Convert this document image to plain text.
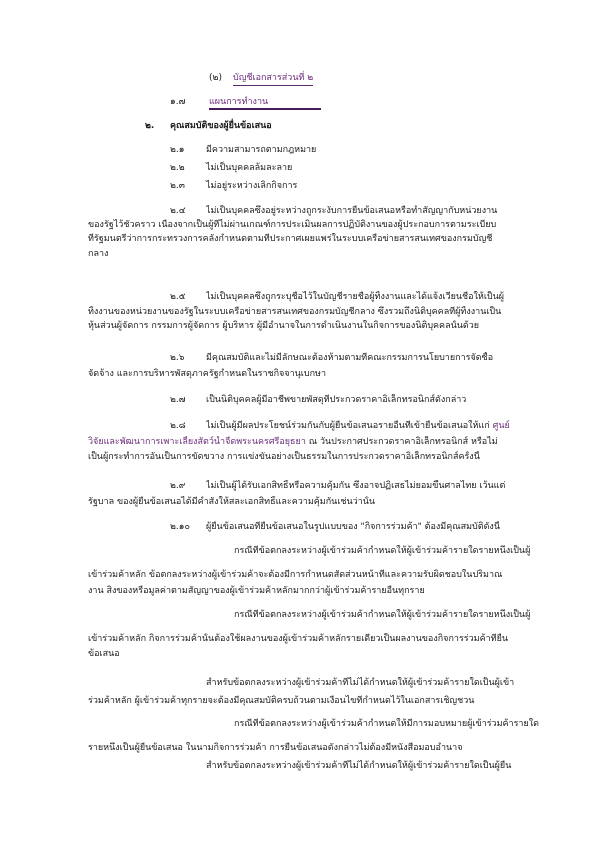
(๒) บัญชีเอกสารส่วนที่ ๒
๑.๗	แผนการทำงาน
๒. คุณสมบัติของผู้ยื่นข้อเสนอ
๒.๑ มีความสามารถตามกฎหมาย
๒.๒ ไม่เป็นบุคคลล้มละลาย
๒.๓ ไม่อยู่ระหว่างเลิกกิจการ
๒.๔ ไม่เป็นบุคคลซึ่งอยู่ระหว่างถูกระงับการยื่นข้อเสนอหรือทำสัญญากับหน่วยงาน
ของรัฐไว้ชั่วคราว เนื่องจากเป็นผู้ที่ไม่ผ่านเกณฑ์การประเมินผลการปฏิบัติงานของผู้ประกอบการตามระเบียบ
ที่รัฐมนตรีว่าการกระทรวงการคลังกำหนดตามที่ประกาศเผยแพร่ในระบบเครือข่ายสารสนเทศของกรมบัญชี
กลาง
๒.๕ ไม่เป็นบุคคลซึ่งถูกระบุชื่อไว้ในบัญชีรายชื่อผู้ทิ้งงานและได้แจ้งเวียนชื่อให้เป็นผู้
ทิ้งงานของหน่วยงานของรัฐในระบบเครือข่ายสารสนเทศของกรมบัญชีกลาง ซึ่งรวมถึงนิติบุคคลที่ผู้ทิ้งงานเป็น
หุ้นส่วนผู้จัดการ กรรมการผู้จัดการ ผู้บริหาร ผู้มีอำนาจในการดำเนินงานในกิจการของนิติบุคคลนั้นด้วย
๒.๖ มีคุณสมบัติและไม่มีลักษณะต้องห้ามตามที่คณะกรรมการนโยบายการจัดซื้อ
จัดจ้าง และการบริหารพัสดุภาครัฐกำหนดในราชกิจจานุเบกษา
๒.๗ เป็นนิติบุคคลผู้มีอาชีพขายพัสดุที่ประกวดราคาอิเล็กทรอนิกส์ดังกล่าว
๒.๘ ไม่เป็นผู้มีผลประโยชน์ร่วมกันกับผู้ยื่นข้อเสนอรายอื่นที่เข้ายื่นข้อเสนอให้แก่ ศูนย์
วิจัยและพัฒนาการเพาะเลี้ยงสัตว์น้ำจืดพระนครศรีอยุธยา ณ วันประกาศประกวดราคาอิเล็กทรอนิกส์ หรือไม่
เป็นผู้กระทำการอันเป็นการขัดขวาง การแข่งขันอย่างเป็นธรรมในการประกวดราคาอิเล็กทรอนิกส์ครั้งนี้
๒.๙ ไม่เป็นผู้ได้รับเอกสิทธิ์หรือความคุ้มกัน ซึ่งอาจปฏิเสธไม่ยอมขึ้นศาลไทย เว้นแต่
รัฐบาล ของผู้ยื่นข้อเสนอได้มีคำสั่งให้สละเอกสิทธิ์และความคุ้มกันเช่นว่านั้น
๒.๑๐ ผู้ยื่นข้อเสนอที่ยื่นข้อเสนอในรูปแบบของ "กิจการร่วมค้า" ต้องมีคุณสมบัติดังนี้
กรณีที่ข้อตกลงระหว่างผู้เข้าร่วมค้ากำหนดให้ผู้เข้าร่วมค้ารายใดรายหนึ่งเป็นผู้
เข้าร่วมค้าหลัก ข้อตกลงระหว่างผู้เข้าร่วมค้าจะต้องมีการกำหนดสัดส่วนหน้าที่และความรับผิดชอบในปริมาณ
งาน สิ่งของหรือมูลค่าตามสัญญาของผู้เข้าร่วมค้าหลักมากกว่าผู้เข้าร่วมค้ารายอื่นทุกราย
กรณีที่ข้อตกลงระหว่างผู้เข้าร่วมค้ากำหนดให้ผู้เข้าร่วมค้ารายใดรายหนึ่งเป็นผู้
เข้าร่วมค้าหลัก กิจการร่วมค้านั้นต้องใช้ผลงานของผู้เข้าร่วมค้าหลักรายเดียวเป็นผลงานของกิจการร่วมค้าที่ยื่น
ข้อเสนอ
สำหรับข้อตกลงระหว่างผู้เข้าร่วมค้าที่ไม่ได้กำหนดให้ผู้เข้าร่วมค้ารายใดเป็นผู้เข้า
ร่วมค้าหลัก ผู้เข้าร่วมค้าทุกรายจะต้องมีคุณสมบัติครบถ้วนตามเงื่อนไขที่กำหนดไว้ในเอกสารเชิญชวน
กรณีที่ข้อตกลงระหว่างผู้เข้าร่วมค้ากำหนดให้มีการมอบหมายผู้เข้าร่วมค้ารายใด
รายหนึ่งเป็นผู้ยื่นข้อเสนอ ในนามกิจการร่วมค้า การยื่นข้อเสนอดังกล่าวไม่ต้องมีหนังสือมอบอำนาจ
สำหรับข้อตกลงระหว่างผู้เข้าร่วมค้าที่ไม่ได้กำหนดให้ผู้เข้าร่วมค้ารายใดเป็นผู้ยื่น
